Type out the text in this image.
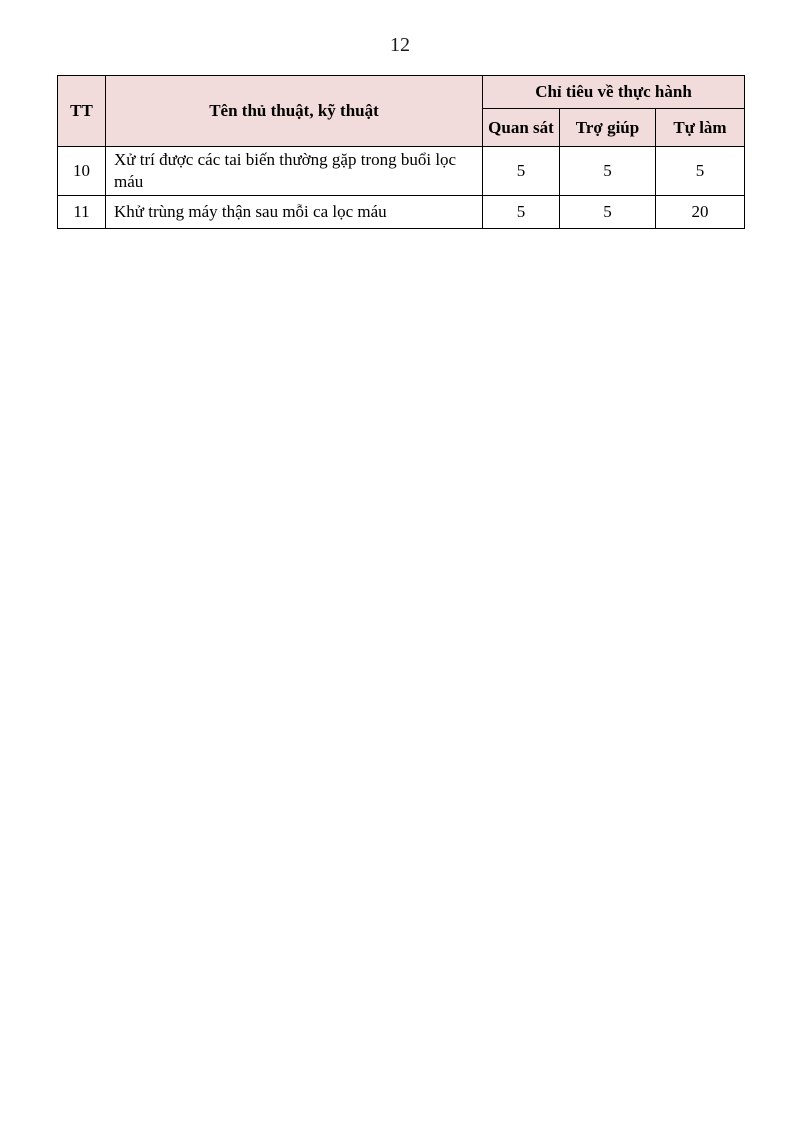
12
TT	Tên thủ thuật, kỹ thuật	Chỉ tiêu về thực hành		
		Quan sát	Trợ giúp	Tự làm
10	Xử trí được các tai biến thường gặp trong buổi lọc máu	5	5	5
11	Khử trùng máy thận sau mỗi ca lọc máu	5	5	20
